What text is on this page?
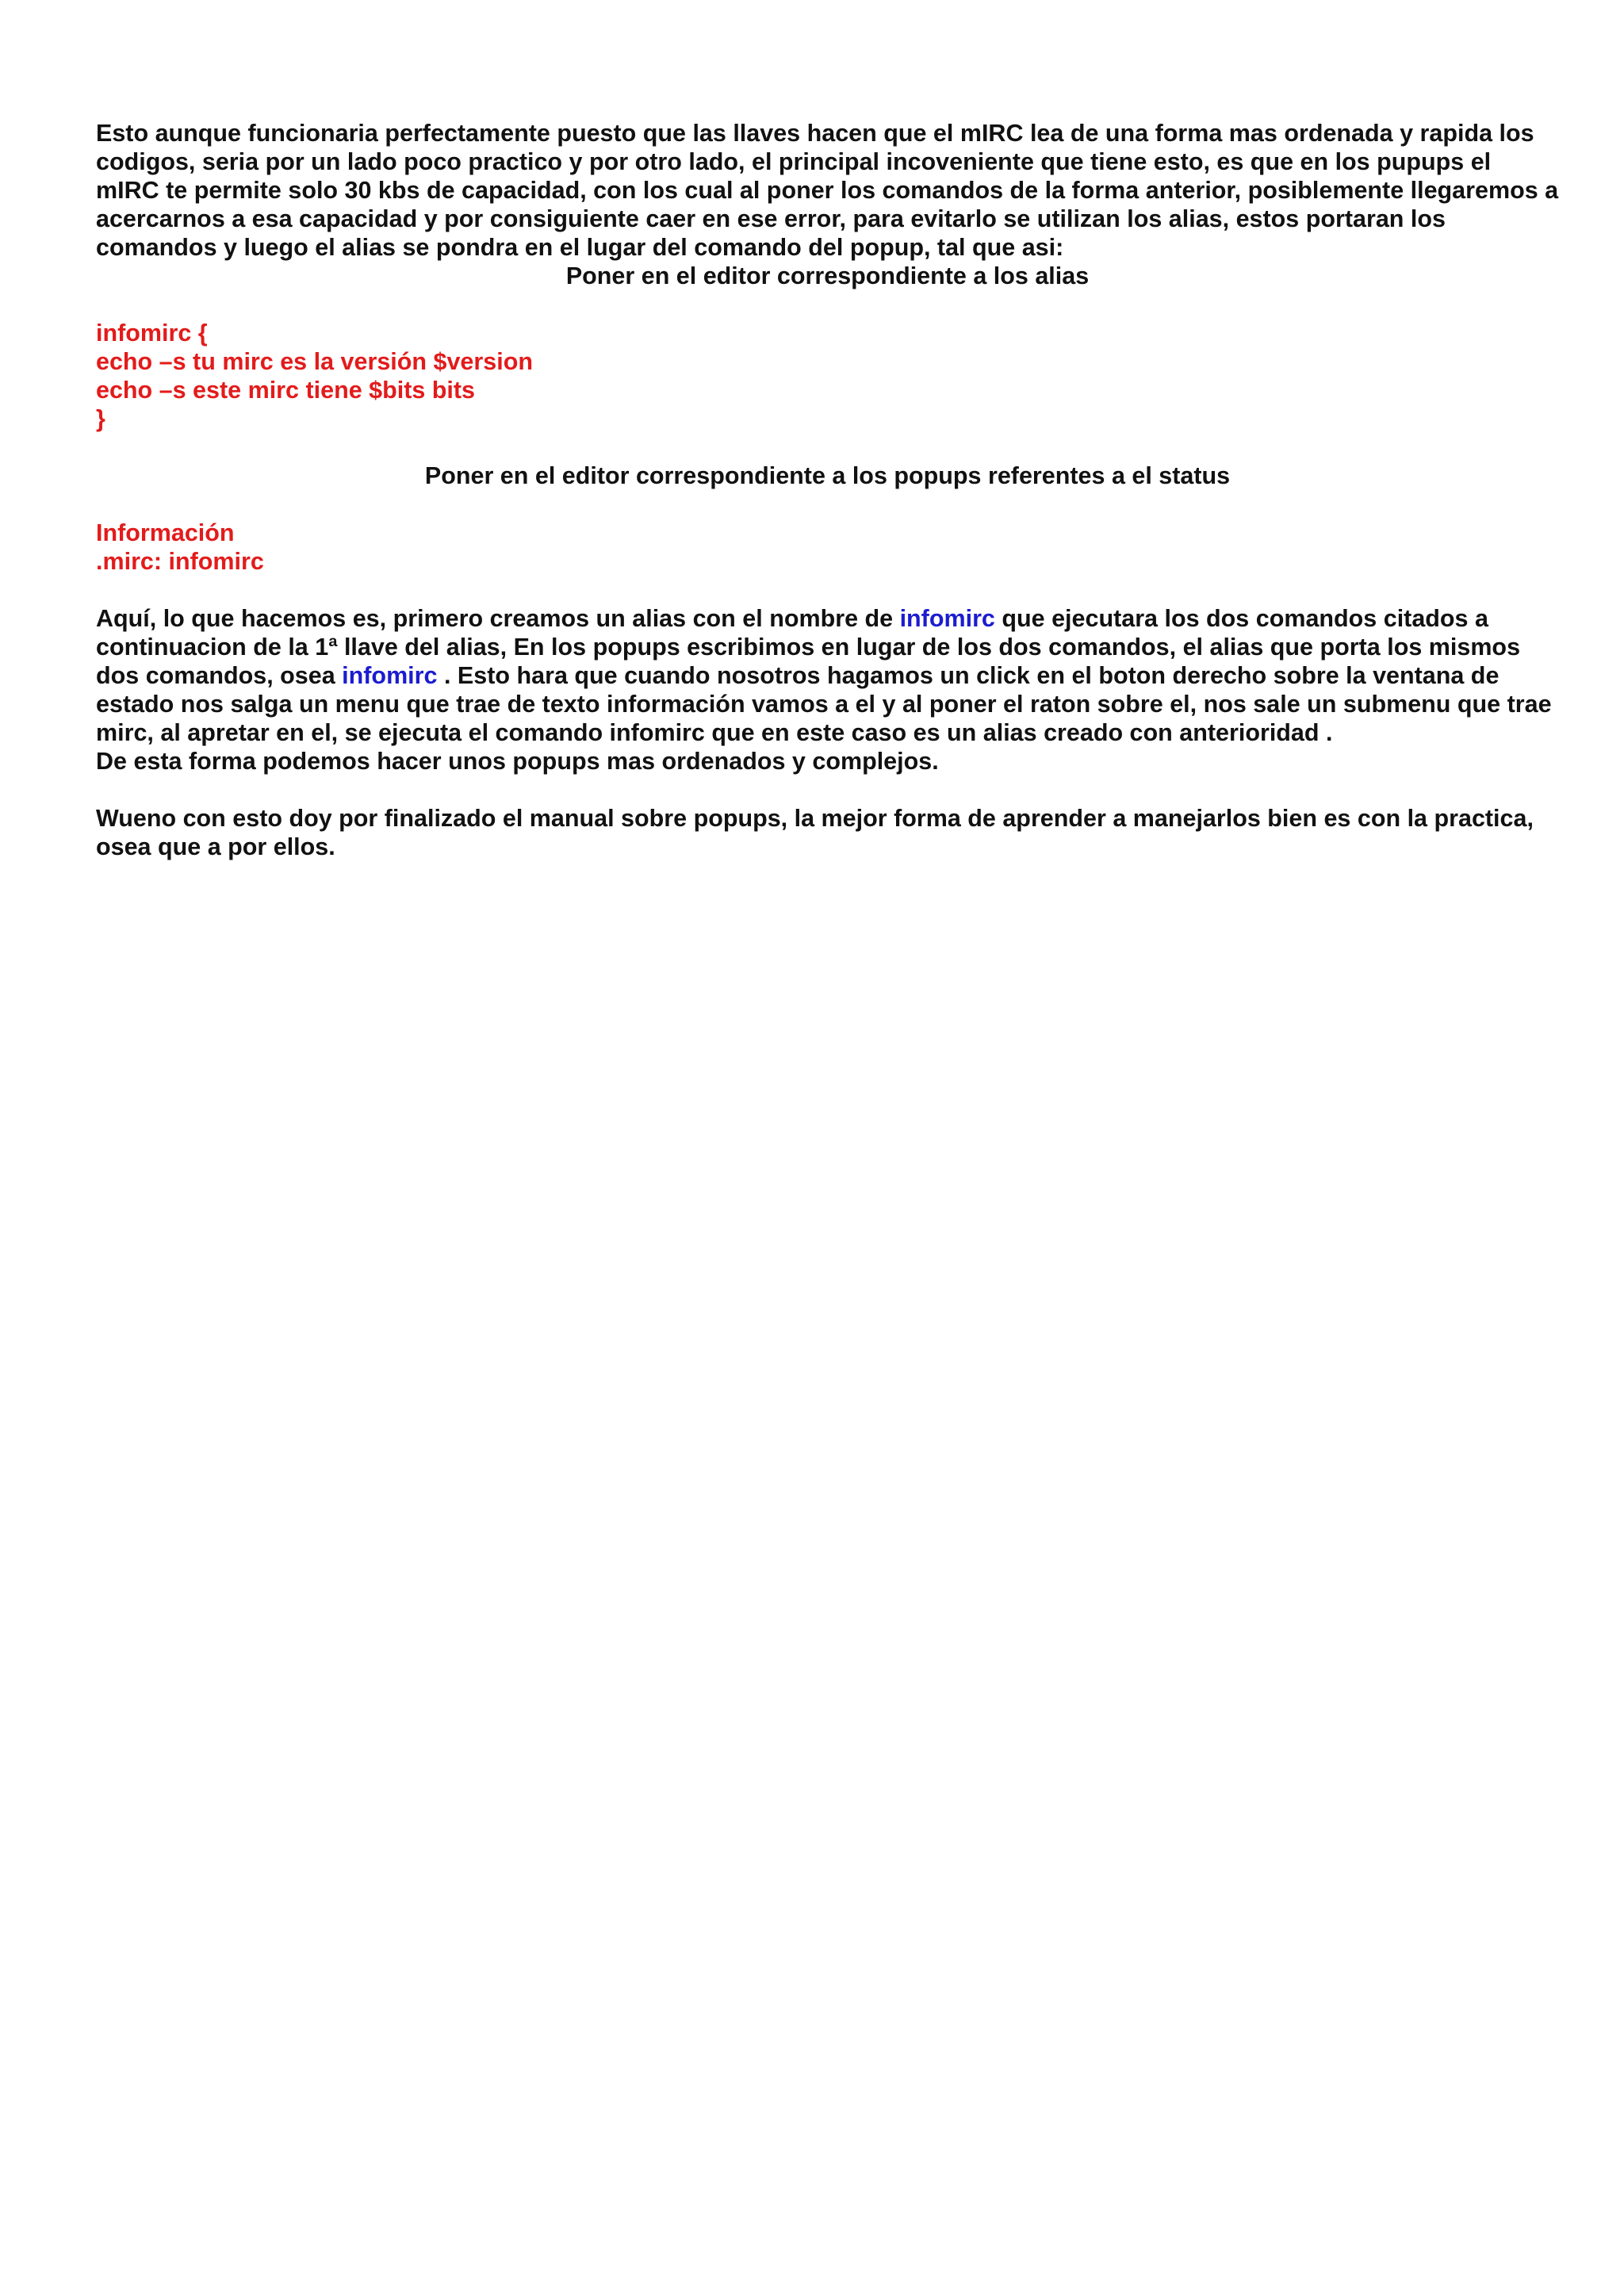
Esto aunque funcionaria perfectamente puesto que las llaves hacen que el mIRC lea de una forma mas ordenada y rapida los codigos, seria por un lado poco practico y por otro lado, el principal incoveniente que tiene esto, es que en los pupups el mIRC te permite solo 30 kbs de capacidad, con los cual al poner los comandos de la forma anterior, posiblemente llegaremos a acercarnos a esa capacidad y por consiguiente caer en ese error, para evitarlo se utilizan los alias, estos portaran los comandos y luego el alias se pondra en el lugar del comando del popup, tal que asi:

Poner en el editor correspondiente a los alias

infomirc {
echo –s tu mirc es la versión $version
echo –s este mirc tiene $bits bits
}

Poner en el editor correspondiente a los popups referentes a el status

Información
.mirc: infomirc

Aquí, lo que hacemos es, primero creamos un alias con el nombre de infomirc que ejecutara los dos comandos citados a continuacion de la 1ª llave del alias, En los popups escribimos en lugar de los dos comandos, el alias que porta los mismos dos comandos, osea infomirc . Esto hara que cuando nosotros hagamos un click en el boton derecho sobre la ventana de estado nos salga un menu que trae de texto información vamos a el y al poner el raton sobre el, nos sale un submenu que trae mirc, al apretar en el, se ejecuta el comando infomirc que en este caso es un alias creado con anterioridad .

De esta forma podemos hacer unos popups mas ordenados y complejos.

Wueno con esto doy por finalizado el manual sobre popups, la mejor forma de aprender a manejarlos bien es con la practica, osea que a por ellos.
